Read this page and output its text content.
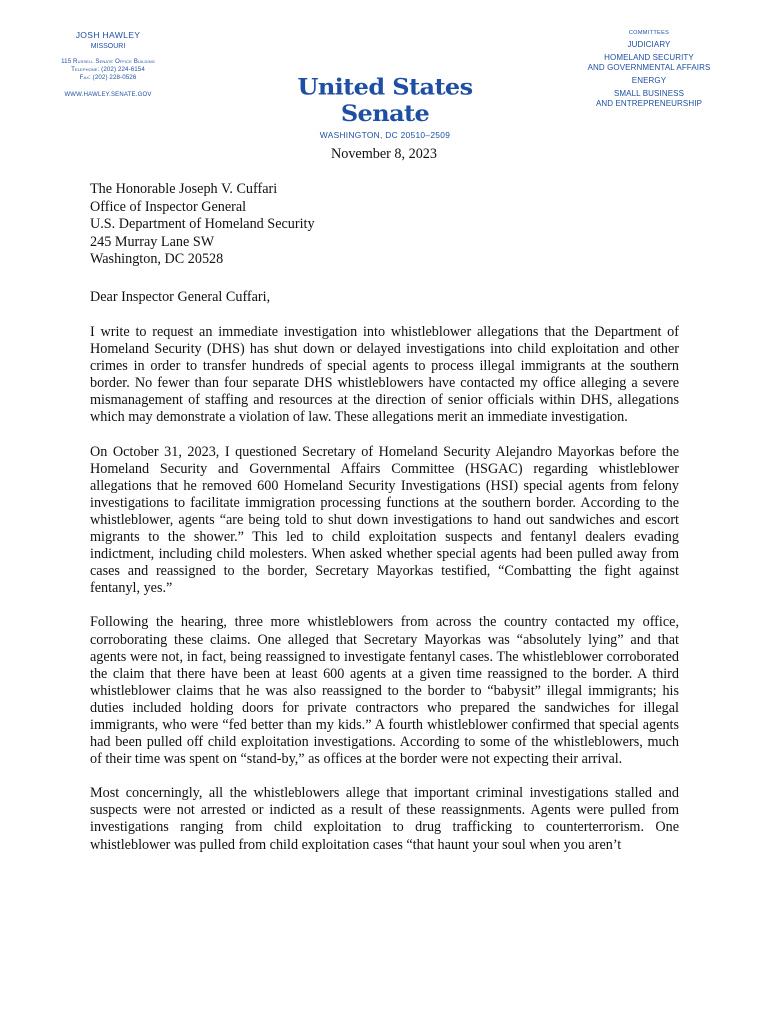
JOSH HAWLEY
MISSOURI
115 Russell Senate Office Building
Telephone: (202) 224-6154
Fax: (202) 228-0526
WWW.HAWLEY.SENATE.GOV	United States Senate
WASHINGTON, DC 20510–2509
COMMITTEES
JUDICIARY
HOMELAND SECURITY
AND GOVERNMENTAL AFFAIRS
ENERGY
SMALL BUSINESS
AND ENTREPRENEURSHIP
November 8, 2023
The Honorable Joseph V. Cuffari
Office of Inspector General
U.S. Department of Homeland Security
245 Murray Lane SW
Washington, DC 20528
Dear Inspector General Cuffari,

I write to request an immediate investigation into whistleblower allegations that the Department of Homeland Security (DHS) has shut down or delayed investigations into child exploitation and other crimes in order to transfer hundreds of special agents to process illegal immigrants at the southern border. No fewer than four separate DHS whistleblowers have contacted my office alleging a severe mismanagement of staffing and resources at the direction of senior officials within DHS, allegations which may demonstrate a violation of law. These allegations merit an immediate investigation.

On October 31, 2023, I questioned Secretary of Homeland Security Alejandro Mayorkas before the Homeland Security and Governmental Affairs Committee (HSGAC) regarding whistleblower allegations that he removed 600 Homeland Security Investigations (HSI) special agents from felony investigations to facilitate immigration processing functions at the southern border. According to the whistleblower, agents “are being told to shut down investigations to hand out sandwiches and escort migrants to the shower.” This led to child exploitation suspects and fentanyl dealers evading indictment, including child molesters. When asked whether special agents had been pulled away from cases and reassigned to the border, Secretary Mayorkas testified, “Combatting the fight against fentanyl, yes.”

Following the hearing, three more whistleblowers from across the country contacted my office, corroborating these claims. One alleged that Secretary Mayorkas was “absolutely lying” and that agents were not, in fact, being reassigned to investigate fentanyl cases. The whistleblower corroborated the claim that there have been at least 600 agents at a given time reassigned to the border. A third whistleblower claims that he was also reassigned to the border to “babysit” illegal immigrants; his duties included holding doors for private contractors who prepared the sandwiches for illegal immigrants, who were “fed better than my kids.” A fourth whistleblower confirmed that special agents had been pulled off child exploitation investigations. According to some of the whistleblowers, much of their time was spent on “stand-by,” as offices at the border were not expecting their arrival.

Most concerningly, all the whistleblowers allege that important criminal investigations stalled and suspects were not arrested or indicted as a result of these reassignments. Agents were pulled from investigations ranging from child exploitation to drug trafficking to counterterrorism. One whistleblower was pulled from child exploitation cases “that haunt your soul when you aren’t
